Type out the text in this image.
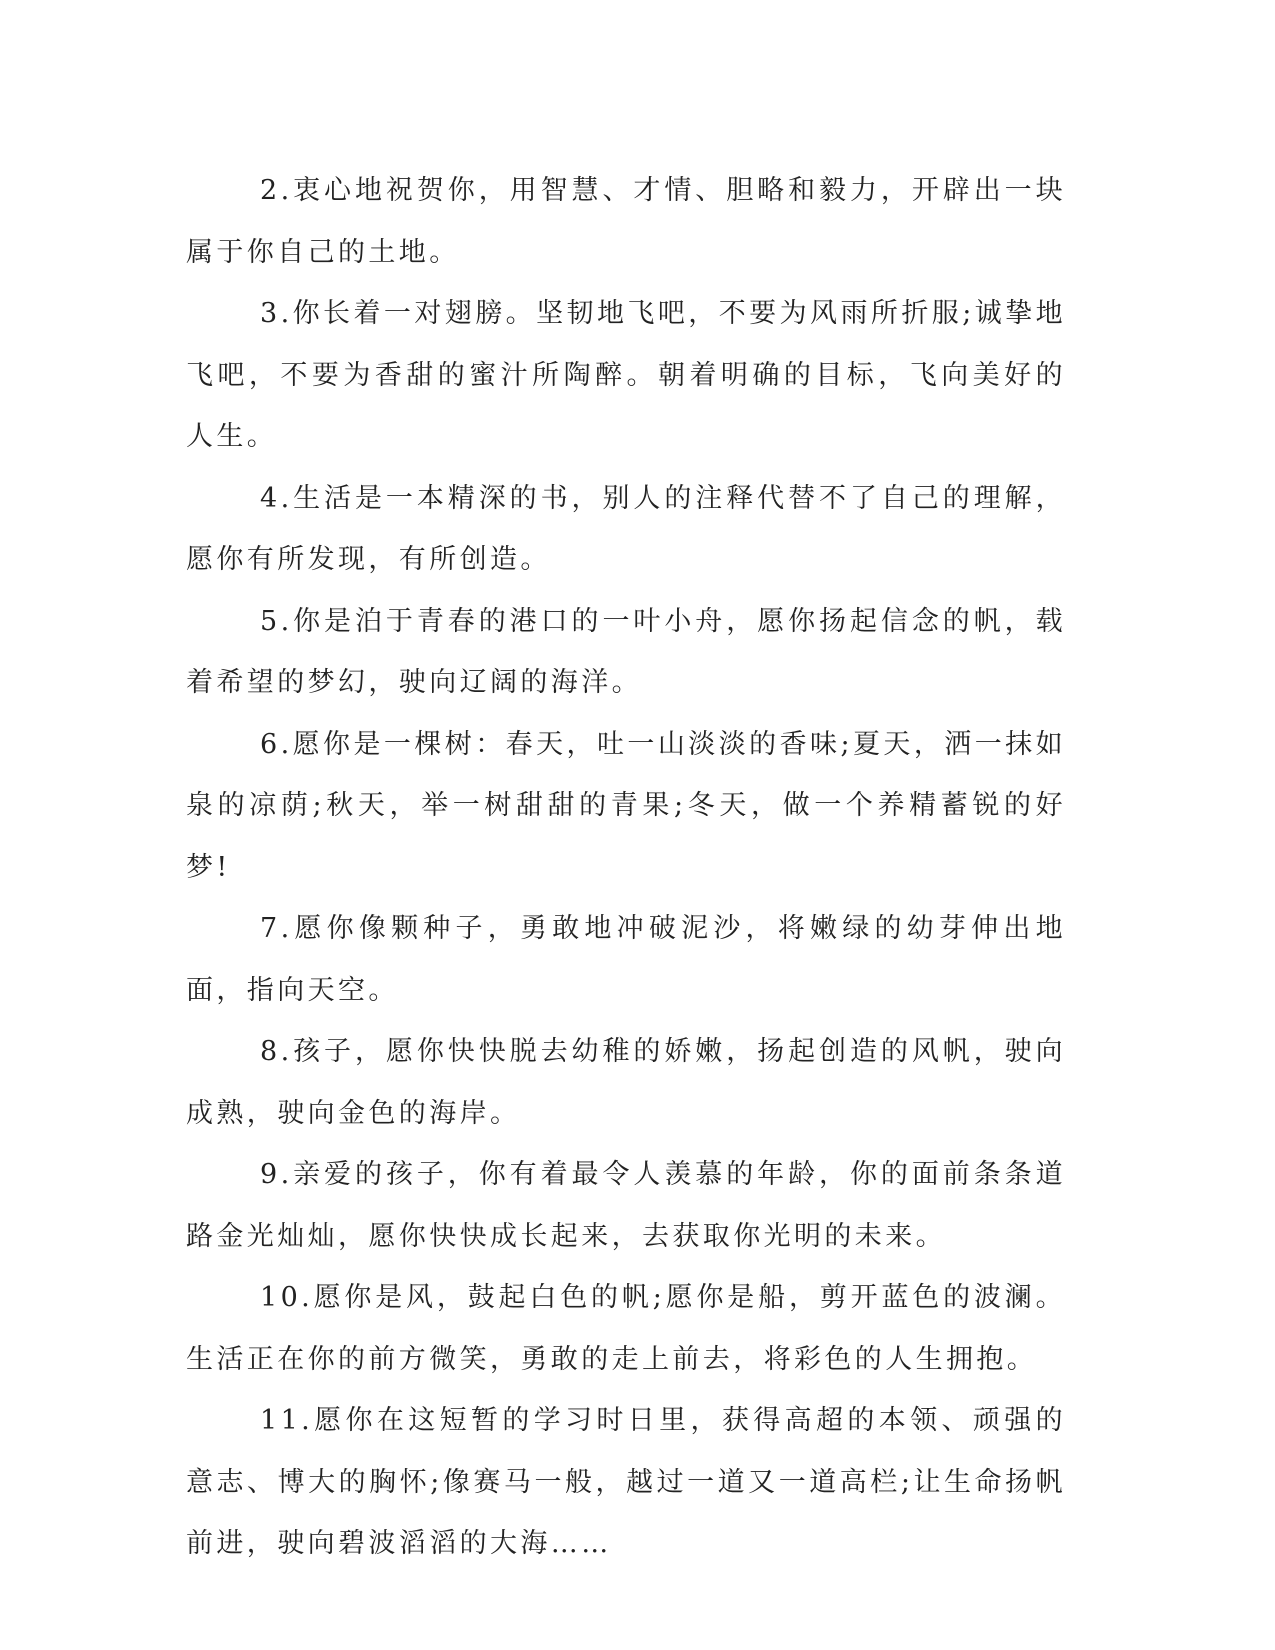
2.衷心地祝贺你，用智慧、才情、胆略和毅力，开辟出一块属于你自己的土地。

3.你长着一对翅膀。坚韧地飞吧，不要为风雨所折服;诚挚地飞吧，不要为香甜的蜜汁所陶醉。朝着明确的目标，飞向美好的人生。

4.生活是一本精深的书，别人的注释代替不了自己的理解，愿你有所发现，有所创造。

5.你是泊于青春的港口的一叶小舟，愿你扬起信念的帆，载着希望的梦幻，驶向辽阔的海洋。

6.愿你是一棵树：春天，吐一山淡淡的香味;夏天，洒一抹如泉的凉荫;秋天，举一树甜甜的青果;冬天，做一个养精蓄锐的好梦!

7.愿你像颗种子，勇敢地冲破泥沙，将嫩绿的幼芽伸出地面，指向天空。

8.孩子，愿你快快脱去幼稚的娇嫩，扬起创造的风帆，驶向成熟，驶向金色的海岸。

9.亲爱的孩子，你有着最令人羡慕的年龄，你的面前条条道路金光灿灿，愿你快快成长起来，去获取你光明的未来。

10.愿你是风，鼓起白色的帆;愿你是船，剪开蓝色的波澜。生活正在你的前方微笑，勇敢的走上前去，将彩色的人生拥抱。

11.愿你在这短暂的学习时日里，获得高超的本领、顽强的意志、博大的胸怀;像赛马一般，越过一道又一道高栏;让生命扬帆前进，驶向碧波滔滔的大海……
